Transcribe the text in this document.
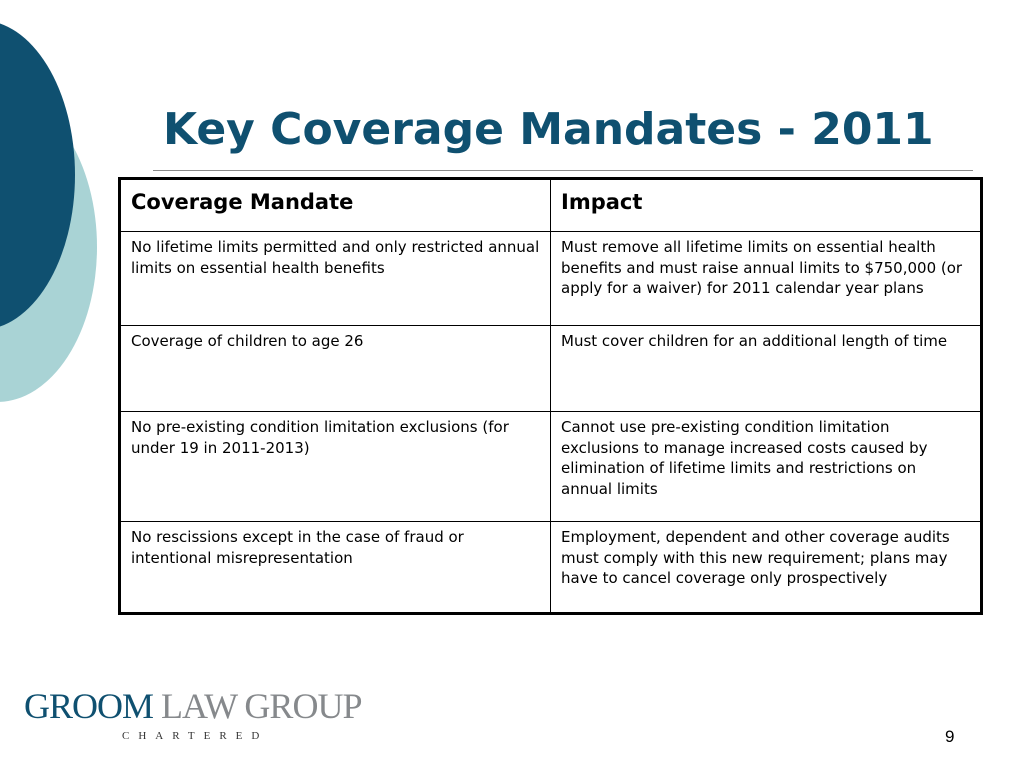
Key Coverage Mandates - 2011
Coverage Mandate	Impact
No lifetime limits permitted and only restricted annual limits on essential health benefits	Must remove all lifetime limits on essential health benefits and must raise annual limits to $750,000 (or apply for a waiver) for 2011 calendar year plans
Coverage of children to age 26	Must cover children for an additional length of time
No pre-existing condition limitation exclusions (for under 19 in 2011-2013)	Cannot use pre-existing condition limitation exclusions to manage increased costs caused by elimination of lifetime limits and restrictions on annual limits
No rescissions except in the case of fraud or intentional misrepresentation	Employment, dependent and other coverage audits must comply with this new requirement; plans may have to cancel coverage only prospectively
GROOM LAW GROUP
CHARTERED	9
